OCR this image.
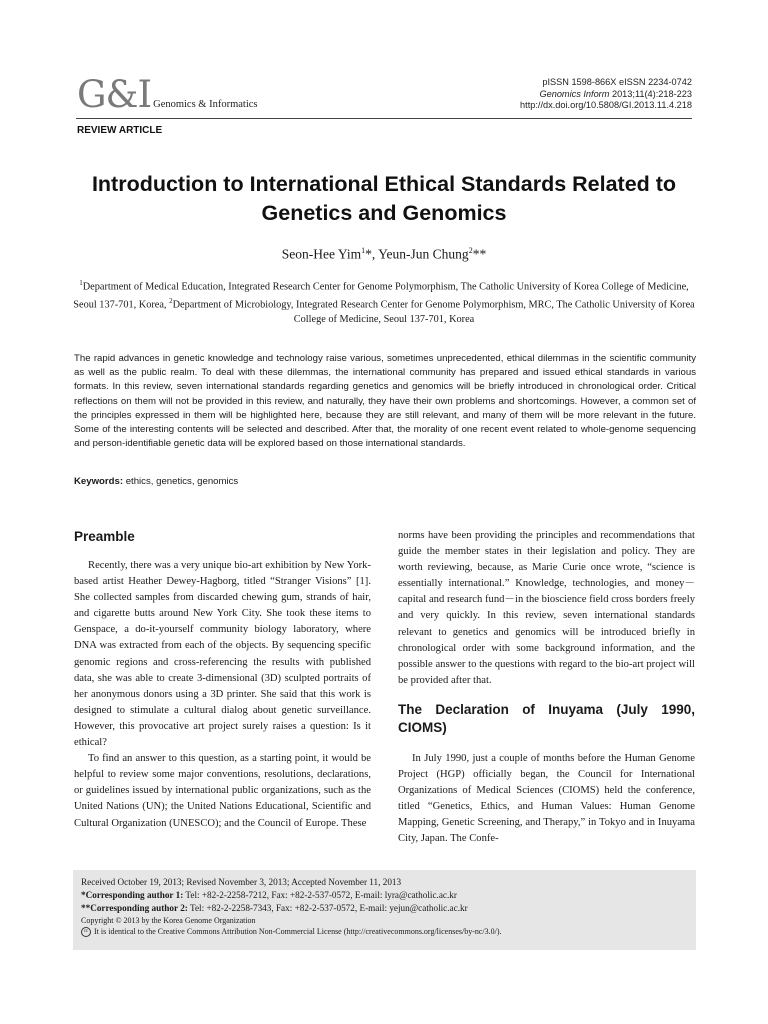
G&I Genomics & Informatics
pISSN 1598-866X eISSN 2234-0742
Genomics Inform 2013;11(4):218-223
http://dx.doi.org/10.5808/GI.2013.11.4.218
REVIEW ARTICLE
Introduction to International Ethical Standards Related to Genetics and Genomics
Seon-Hee Yim$^1$*, Yeun-Jun Chung$^2$**
$^1$Department of Medical Education, Integrated Research Center for Genome Polymorphism, The Catholic University of Korea College of Medicine, Seoul 137-701, Korea, $^2$Department of Microbiology, Integrated Research Center for Genome Polymorphism, MRC, The Catholic University of Korea College of Medicine, Seoul 137-701, Korea
The rapid advances in genetic knowledge and technology raise various, sometimes unprecedented, ethical dilemmas in the scientific community as well as the public realm. To deal with these dilemmas, the international community has prepared and issued ethical standards in various formats. In this review, seven international standards regarding genetics and genomics will be briefly introduced in chronological order. Critical reflections on them will not be provided in this review, and naturally, they have their own problems and shortcomings. However, a common set of the principles expressed in them will be highlighted here, because they are still relevant, and many of them will be more relevant in the future. Some of the interesting contents will be selected and described. After that, the morality of one recent event related to whole-genome sequencing and person-identifiable genetic data will be explored based on those international standards.
Keywords: ethics, genetics, genomics
Preamble

Recently, there was a very unique bio-art exhibition by New York-based artist Heather Dewey-Hagborg, titled “Stranger Visions” [1]. She collected samples from discarded chewing gum, strands of hair, and cigarette butts around New York City. She took these items to Genspace, a do-it-yourself community biology laboratory, where DNA was extracted from each of the objects. By sequencing specific genomic regions and cross-referencing the results with published data, she was able to create 3-dimensional (3D) sculpted portraits of her anonymous donors using a 3D printer. She said that this work is designed to stimulate a cultural dialog about genetic surveillance. However, this provocative art project surely raises a question: Is it ethical?

To find an answer to this question, as a starting point, it would be helpful to review some major conventions, resolutions, declarations, or guidelines issued by international public organizations, such as the United Nations (UN); the United Nations Educational, Scientific and Cultural Organization (UNESCO); and the Council of Europe. These

norms have been providing the principles and recommendations that guide the member states in their legislation and policy. They are worth reviewing, because, as Marie Curie once wrote, “science is essentially international.” Knowledge, technologies, and money－capital and research fund－in the bioscience field cross borders freely and very quickly. In this review, seven international standards relevant to genetics and genomics will be introduced briefly in chronological order with some background information, and the possible answer to the questions with regard to the bio-art project will be provided after that.

The Declaration of Inuyama (July 1990, CIOMS)

In July 1990, just a couple of months before the Human Genome Project (HGP) officially began, the Council for International Organizations of Medical Sciences (CIOMS) held the conference, titled “Genetics, Ethics, and Human Values: Human Genome Mapping, Genetic Screening, and Therapy,” in Tokyo and in Inuyama City, Japan. The Confe-

Received October 19, 2013; Revised November 3, 2013; Accepted November 11, 2013
*Corresponding author 1: Tel: +82-2-2258-7212, Fax: +82-2-537-0572, E-mail: lyra@catholic.ac.kr
**Corresponding author 2: Tel: +82-2-2258-7343, Fax: +82-2-537-0572, E-mail: yejun@catholic.ac.kr
Copyright © 2013 by the Korea Genome Organization
cc It is identical to the Creative Commons Attribution Non-Commercial License (http://creativecommons.org/licenses/by-nc/3.0/).
